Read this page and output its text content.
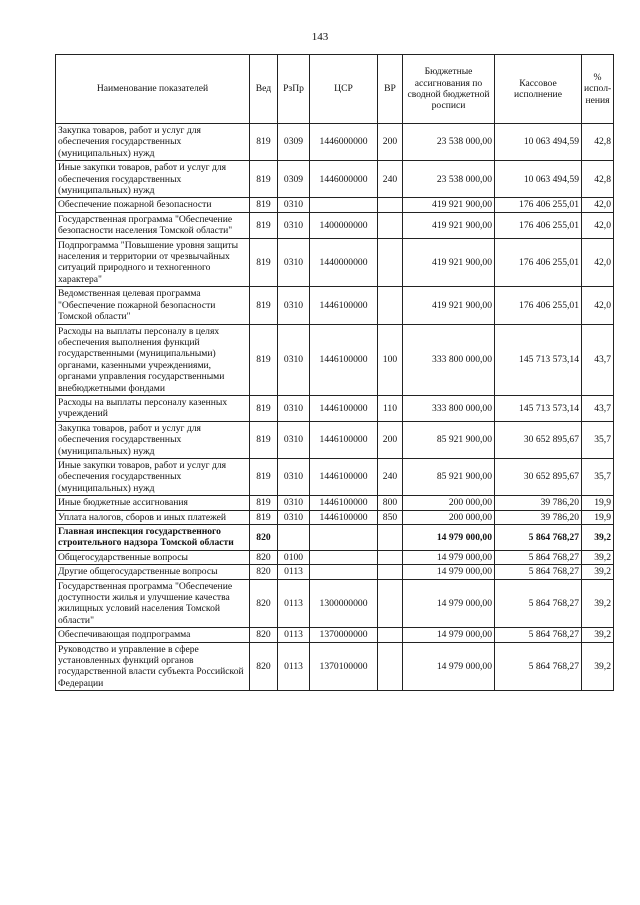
143
Наименование показателей	Вед	РзПр	ЦСР	ВР	Бюджетные ассигнования по сводной бюджетной росписи	Кассовое исполнение	% испол-нения
Закупка товаров, работ и услуг для обеспечения государственных (муниципальных) нужд	819	0309	1446000000	200	23 538 000,00	10 063 494,59	42,8
Иные закупки товаров, работ и услуг для обеспечения государственных (муниципальных) нужд	819	0309	1446000000	240	23 538 000,00	10 063 494,59	42,8
Обеспечение пожарной безопасности	819	0310			419 921 900,00	176 406 255,01	42,0
Государственная программа "Обеспечение безопасности населения Томской области"	819	0310	1400000000		419 921 900,00	176 406 255,01	42,0
Подпрограмма "Повышение уровня защиты населения и территории от чрезвычайных ситуаций природного и техногенного характера"	819	0310	1440000000		419 921 900,00	176 406 255,01	42,0
Ведомственная целевая программа "Обеспечение пожарной безопасности Томской области"	819	0310	1446100000		419 921 900,00	176 406 255,01	42,0
Расходы на выплаты персоналу в целях обеспечения выполнения функций государственными (муниципальными) органами, казенными учреждениями, органами управления государственными внебюджетными фондами	819	0310	1446100000	100	333 800 000,00	145 713 573,14	43,7
Расходы на выплаты персоналу казенных учреждений	819	0310	1446100000	110	333 800 000,00	145 713 573,14	43,7
Закупка товаров, работ и услуг для обеспечения государственных (муниципальных) нужд	819	0310	1446100000	200	85 921 900,00	30 652 895,67	35,7
Иные закупки товаров, работ и услуг для обеспечения государственных (муниципальных) нужд	819	0310	1446100000	240	85 921 900,00	30 652 895,67	35,7
Иные бюджетные ассигнования	819	0310	1446100000	800	200 000,00	39 786,20	19,9
Уплата налогов, сборов и иных платежей	819	0310	1446100000	850	200 000,00	39 786,20	19,9
Главная инспекция государственного строительного надзора Томской области	820				14 979 000,00	5 864 768,27	39,2
Общегосударственные вопросы	820	0100			14 979 000,00	5 864 768,27	39,2
Другие общегосударственные вопросы	820	0113			14 979 000,00	5 864 768,27	39,2
Государственная программа "Обеспечение доступности жилья и улучшение качества жилищных условий населения Томской области"	820	0113	1300000000		14 979 000,00	5 864 768,27	39,2
Обеспечивающая подпрограмма	820	0113	1370000000		14 979 000,00	5 864 768,27	39,2
Руководство и управление в сфере установленных функций органов государственной власти субъекта Российской Федерации	820	0113	1370100000		14 979 000,00	5 864 768,27	39,2
